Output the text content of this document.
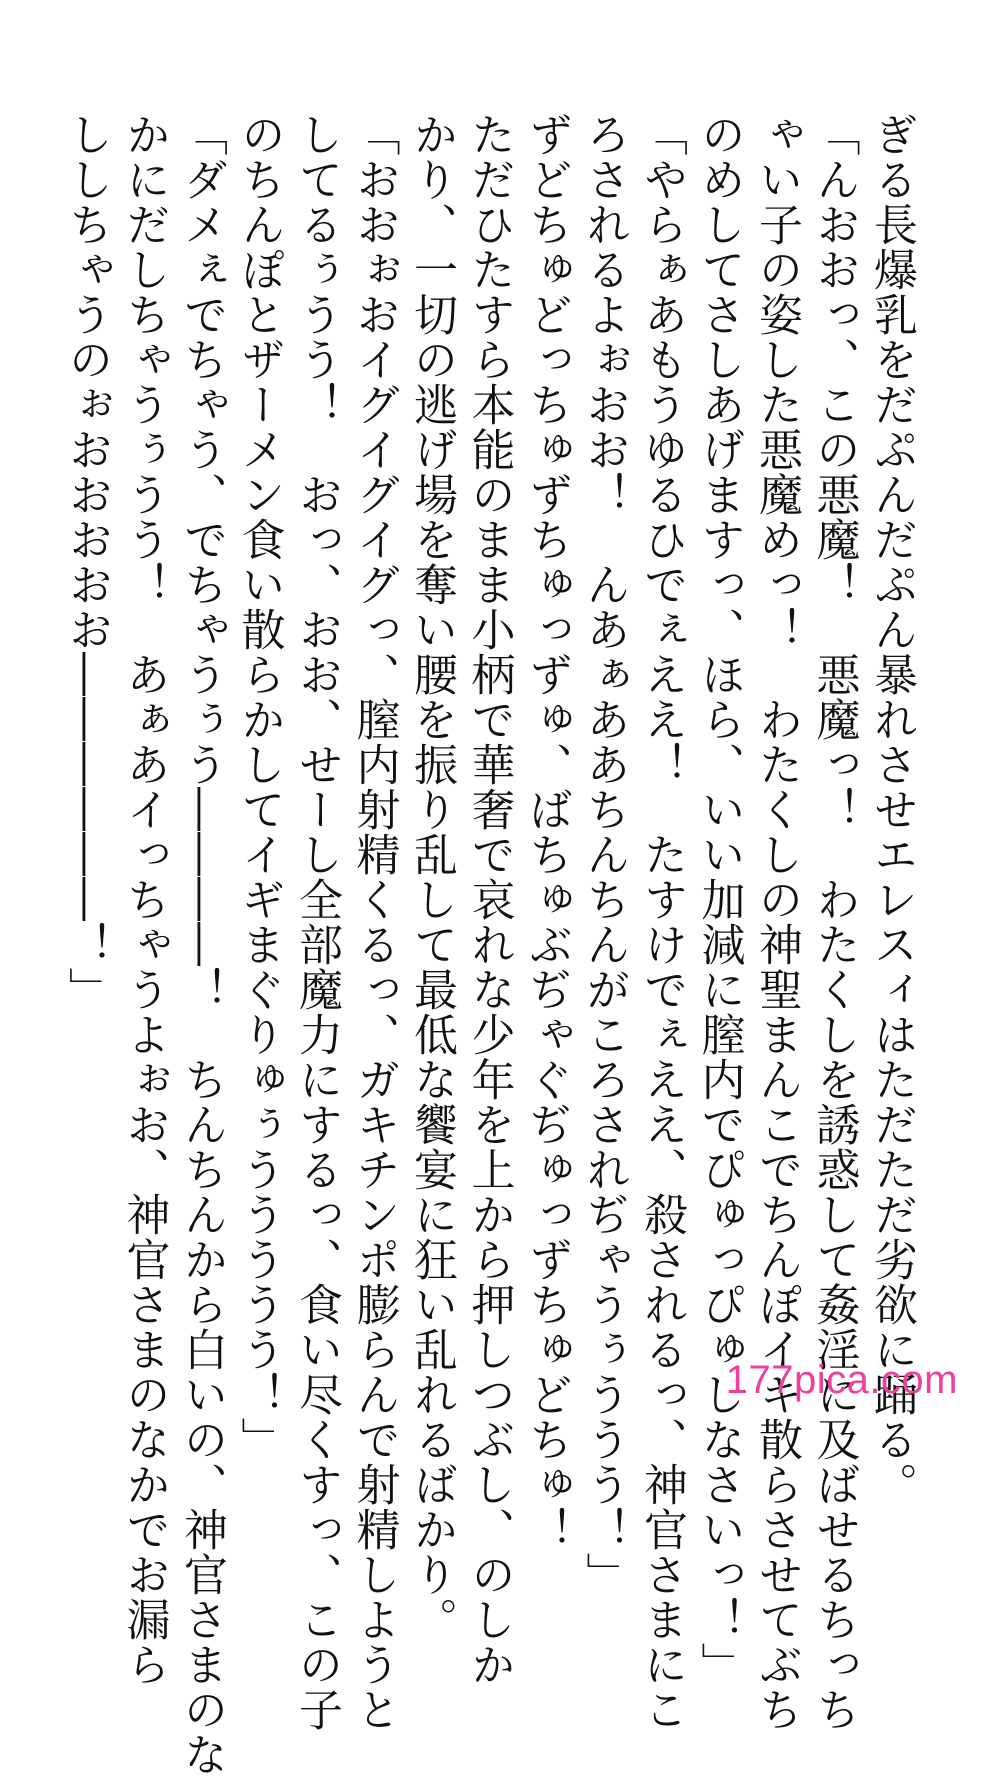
ぎる長爆乳をだぷんだぷん暴れさせエレスィはただただ劣欲に踊る。
「んおおっ、この悪魔！　悪魔っ！　わたくしを誘惑して姦淫に及ばせるちっち
ゃい子の姿した悪魔めっ！　わたくしの神聖まんこでちんぽイキ散らさせてぶち
のめしてさしあげますっ、ほら、いい加減に膣内でぴゅっぴゅしなさいっ！」
「やらぁあもうゆるひでぇええ！　たすけでぇええ、殺されるっ、神官さまにこ
ろされるよぉおお！　んあぁああちんちんがころされぢゃうぅううう！」
ずどちゅどっちゅずちゅっずゅ、ばちゅぶぢゃぐぢゅっずちゅどちゅ！
ただひたすら本能のまま小柄で華奢で哀れな少年を上から押しつぶし、のしか
かり、一切の逃げ場を奪い腰を振り乱して最低な饗宴に狂い乱れるばかり。
「おおぉおイグイグイグっ、膣内射精くるっ、ガキチンポ膨らんで射精しようと
してるぅうう！　おっ、おお、せーし全部魔力にするっ、食い尽くすっ、この子
のちんぽとザーメン食い散らかしてイギまぐりゅぅううううう！」
「ダメぇでちゃう、でちゃうぅう――――！　ちんちんから白いの、神官さまのな
かにだしちゃうぅうう！　あぁあイっちゃうよぉお、神官さまのなかでお漏ら
ししちゃうのぉおおおおお――――――！」
177pica.com
